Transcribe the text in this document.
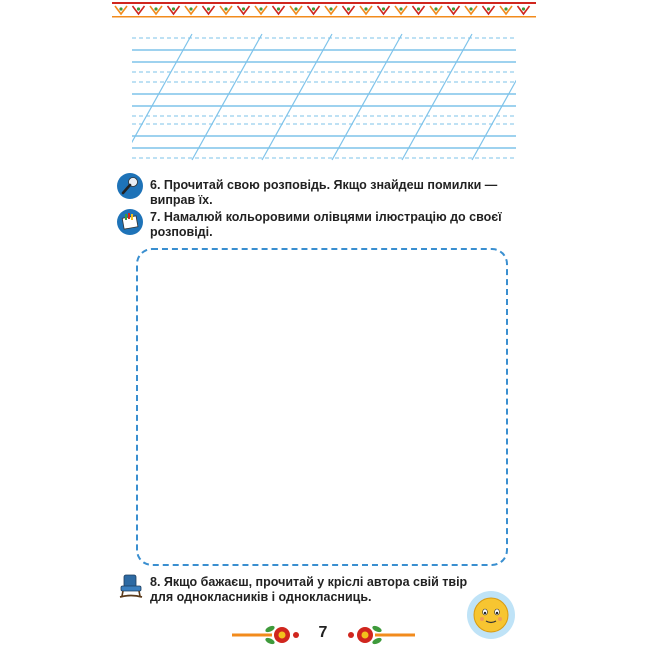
6. Прочитай свою розповідь. Якщо знайдеш помилки — виправ їх.
7. Намалюй кольоровими олівцями ілюстрацію до своєї розповіді.
8. Якщо бажаєш, прочитай у кріслі автора свій твір для однокласників і однокласниць.
7
